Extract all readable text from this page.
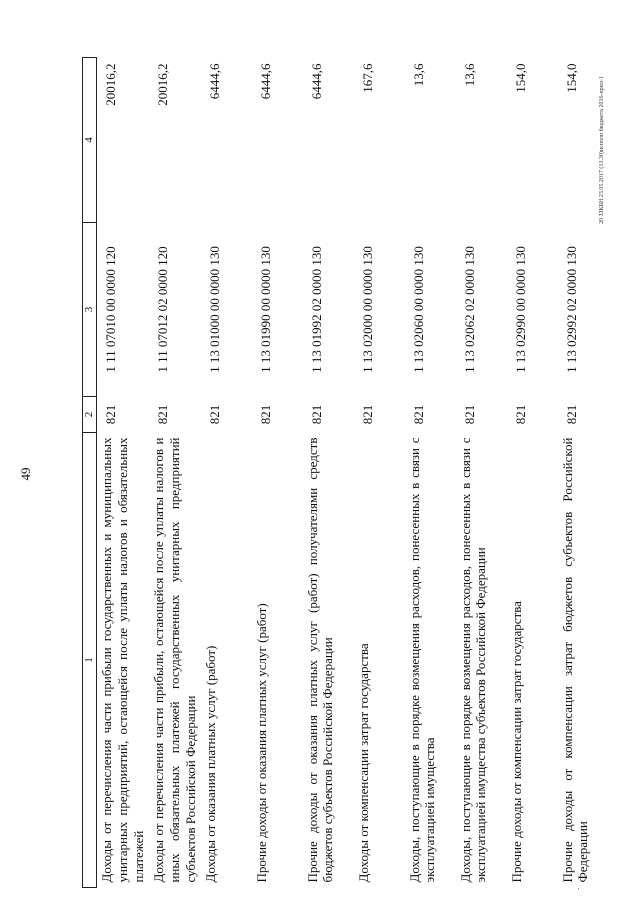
49
20 ЗЗКБН 23.05.2017 (13.30)исполн бюджета 2016-прил-1
'
1	2	3	4
Доходы от перечисления части прибыли государственных и муниципальных унитарных предприятий, остающейся после уплаты налогов и обязательных платежей	821	1 11 07010 00 0000 120	20016,2
Доходы от перечисления части прибыли, остающейся после уплаты налогов и иных обязательных платежей государственных унитарных предприятий субъектов Российской Федерации	821	1 11 07012 02 0000 120	20016,2
Доходы от оказания платных услуг (работ)	821	1 13 01000 00 0000 130	6444,6
Прочие доходы от оказания платных услуг (работ)	821	1 13 01990 00 0000 130	6444,6
Прочие доходы от оказания платных услуг (работ) получателями средств бюджетов субъектов Российской Федерации	821	1 13 01992 02 0000 130	6444,6
Доходы от компенсации затрат государства	821	1 13 02000 00 0000 130	167,6
Доходы, поступающие в порядке возмещения расходов, понесенных в связи с эксплуатацией имущества	821	1 13 02060 00 0000 130	13,6
Доходы, поступающие в порядке возмещения расходов, понесенных в связи с эксплуатацией имущества субъектов Российской Федерации	821	1 13 02062 02 0000 130	13,6
Прочие доходы от компенсации затрат государства	821	1 13 02990 00 0000 130	154,0
Прочие доходы от компенсации затрат бюджетов субъектов Российской Федерации	821	1 13 02992 02 0000 130	154,0
